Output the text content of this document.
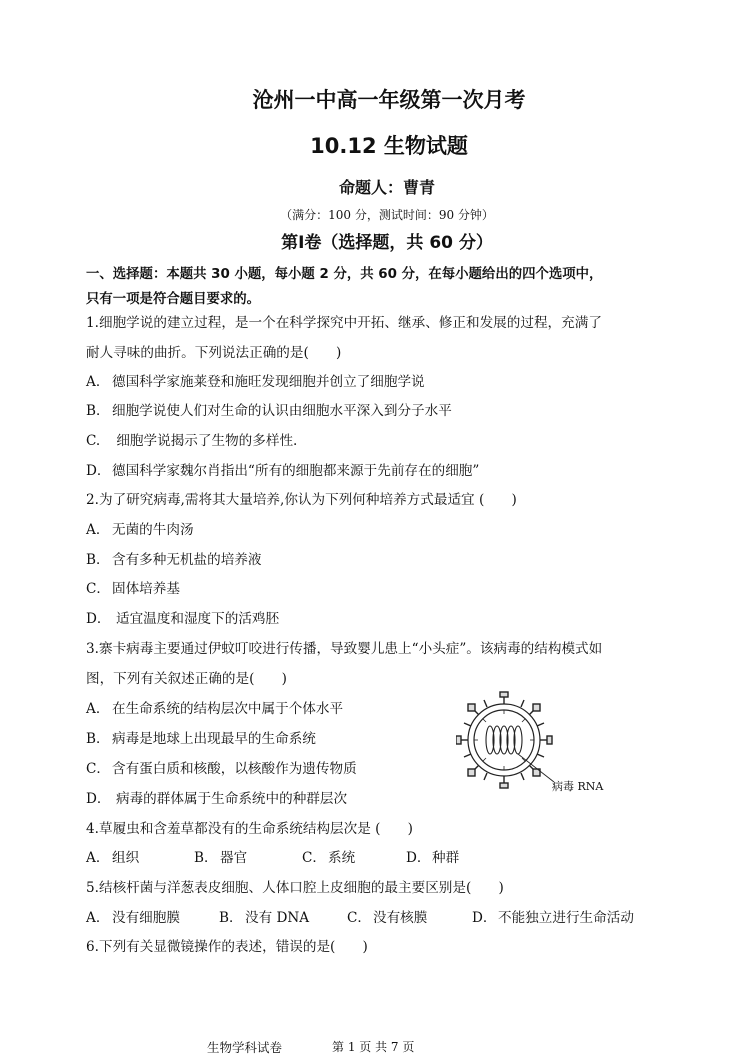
沧州一中高一年级第一次月考
10.12 生物试题
命题人：曹青
（满分：100 分，测试时间：90 分钟）
第Ⅰ卷（选择题，共 60 分）
一、选择题：本题共 30 小题，每小题 2 分，共 60 分，在每小题给出的四个选项中，
只有一项是符合题目要求的。
1.细胞学说的建立过程，是一个在科学探究中开拓、继承、修正和发展的过程，充满了
耐人寻味的曲折。下列说法正确的是(　　)
A． 德国科学家施莱登和施旺发现细胞并创立了细胞学说
B． 细胞学说使人们对生命的认识由细胞水平深入到分子水平
C. 细胞学说揭示了生物的多样性.
D． 德国科学家魏尔肖指出“所有的细胞都来源于先前存在的细胞”
2.为了研究病毒,需将其大量培养,你认为下列何种培养方式最适宜 (　　)
A． 无菌的牛肉汤
B． 含有多种无机盐的培养液
C． 固体培养基
D． 适宜温度和湿度下的活鸡胚
3.寨卡病毒主要通过伊蚊叮咬进行传播，导致婴儿患上“小头症”。该病毒的结构模式如
图，下列有关叙述正确的是(　　)
A． 在生命系统的结构层次中属于个体水平
B． 病毒是地球上出现最早的生命系统
C． 含有蛋白质和核酸，以核酸作为遗传物质
D． 病毒的群体属于生命系统中的种群层次
病毒 RNA
4.草履虫和含羞草都没有的生命系统结构层次是 (　　)
A． 组织	B． 器官	C． 系统	D． 种群
5.结核杆菌与洋葱表皮细胞、人体口腔上皮细胞的最主要区别是(　　)
A． 没有细胞膜	B． 没有 DNA	C． 没有核膜	D． 不能独立进行生命活动
6.下列有关显微镜操作的表述，错误的是(　　)
生物学科试卷	第 1 页 共 7 页
